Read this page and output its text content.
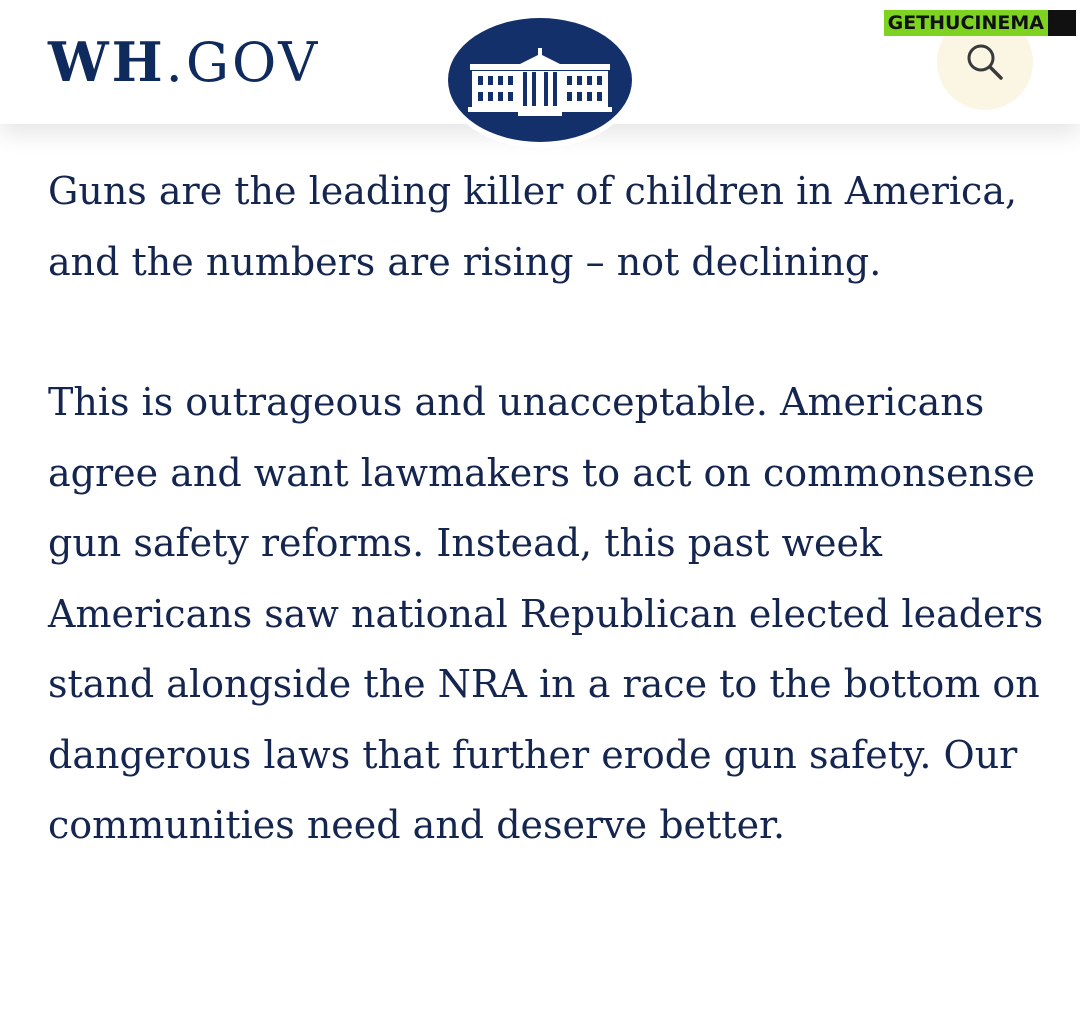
WH.GOV
GETHUCINEMA

Guns are the leading killer of children in America, and the numbers are rising – not declining.

This is outrageous and unacceptable. Americans agree and want lawmakers to act on commonsense gun safety reforms. Instead, this past week Americans saw national Republican elected leaders stand alongside the NRA in a race to the bottom on dangerous laws that further erode gun safety. Our communities need and deserve better.
